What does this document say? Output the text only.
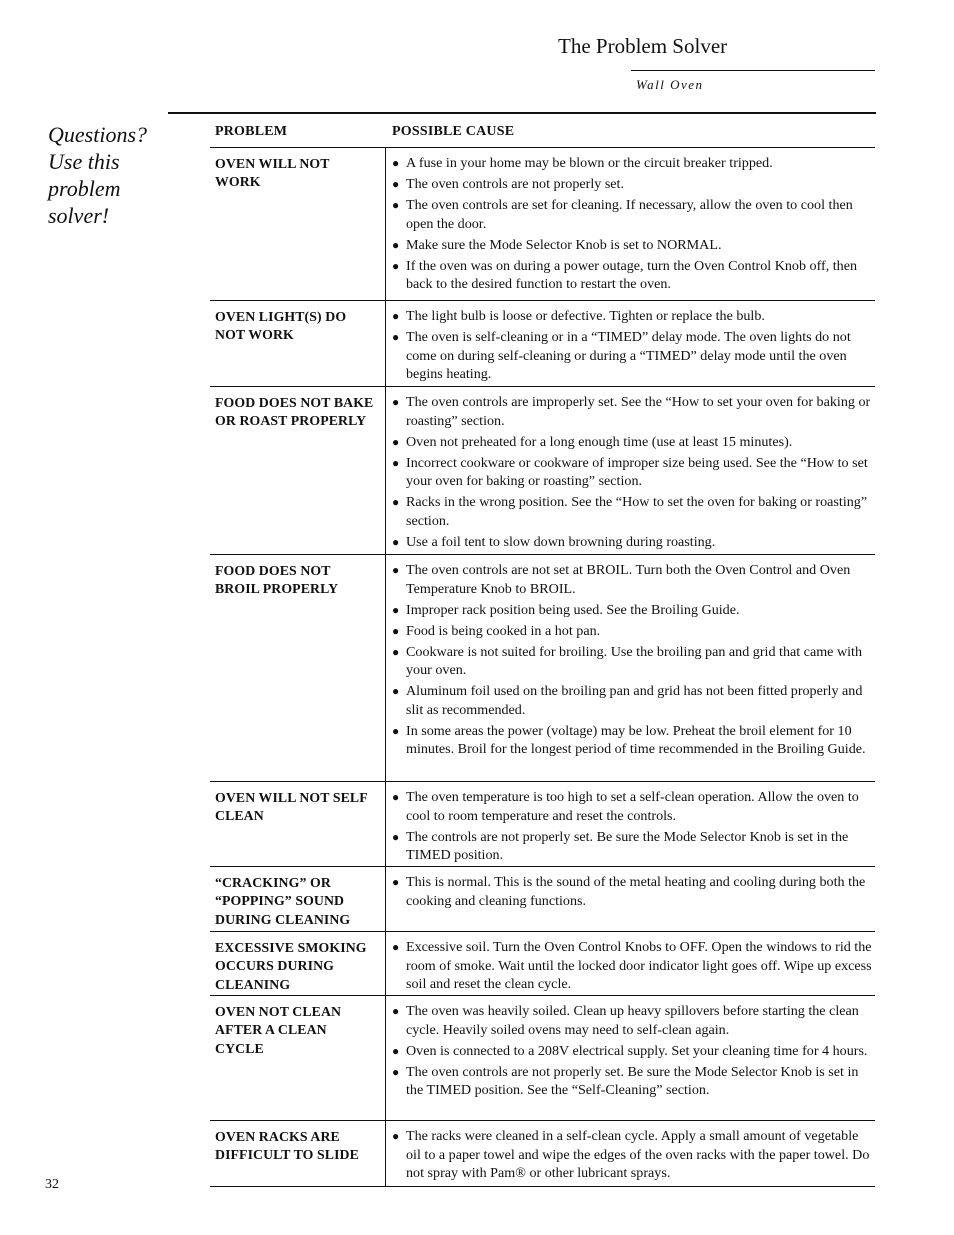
The Problem Solver
Wall Oven
Questions? Use this problem solver!
PROBLEM	POSSIBLE CAUSE
OVEN WILL NOT WORK
● A fuse in your home may be blown or the circuit breaker tripped.
● The oven controls are not properly set.
● The oven controls are set for cleaning. If necessary, allow the oven to cool then open the door.
● Make sure the Mode Selector Knob is set to NORMAL.
● If the oven was on during a power outage, turn the Oven Control Knob off, then back to the desired function to restart the oven.
OVEN LIGHT(S) DO NOT WORK
● The light bulb is loose or defective. Tighten or replace the bulb.
● The oven is self-cleaning or in a “TIMED” delay mode. The oven lights do not come on during self-cleaning or during a “TIMED” delay mode until the oven begins heating.
FOOD DOES NOT BAKE OR ROAST PROPERLY
● The oven controls are improperly set. See the “How to set your oven for baking or roasting” section.
● Oven not preheated for a long enough time (use at least 15 minutes).
● Incorrect cookware or cookware of improper size being used. See the “How to set your oven for baking or roasting” section.
● Racks in the wrong position. See the “How to set the oven for baking or roasting” section.
● Use a foil tent to slow down browning during roasting.
FOOD DOES NOT BROIL PROPERLY
● The oven controls are not set at BROIL. Turn both the Oven Control and Oven Temperature Knob to BROIL.
● Improper rack position being used. See the Broiling Guide.
● Food is being cooked in a hot pan.
● Cookware is not suited for broiling. Use the broiling pan and grid that came with your oven.
● Aluminum foil used on the broiling pan and grid has not been fitted properly and slit as recommended.
● In some areas the power (voltage) may be low. Preheat the broil element for 10 minutes. Broil for the longest period of time recommended in the Broiling Guide.
OVEN WILL NOT SELF CLEAN
● The oven temperature is too high to set a self-clean operation. Allow the oven to cool to room temperature and reset the controls.
● The controls are not properly set. Be sure the Mode Selector Knob is set in the TIMED position.
“CRACKING” OR “POPPING” SOUND DURING CLEANING
● This is normal. This is the sound of the metal heating and cooling during both the cooking and cleaning functions.
EXCESSIVE SMOKING OCCURS DURING CLEANING
● Excessive soil. Turn the Oven Control Knobs to OFF. Open the windows to rid the room of smoke. Wait until the locked door indicator light goes off. Wipe up excess soil and reset the clean cycle.
OVEN NOT CLEAN AFTER A CLEAN CYCLE
● The oven was heavily soiled. Clean up heavy spillovers before starting the clean cycle. Heavily soiled ovens may need to self-clean again.
● Oven is connected to a 208V electrical supply. Set your cleaning time for 4 hours.
● The oven controls are not properly set. Be sure the Mode Selector Knob is set in the TIMED position. See the “Self-Cleaning” section.
OVEN RACKS ARE DIFFICULT TO SLIDE
● The racks were cleaned in a self-clean cycle. Apply a small amount of vegetable oil to a paper towel and wipe the edges of the oven racks with the paper towel. Do not spray with Pam® or other lubricant sprays.
32
